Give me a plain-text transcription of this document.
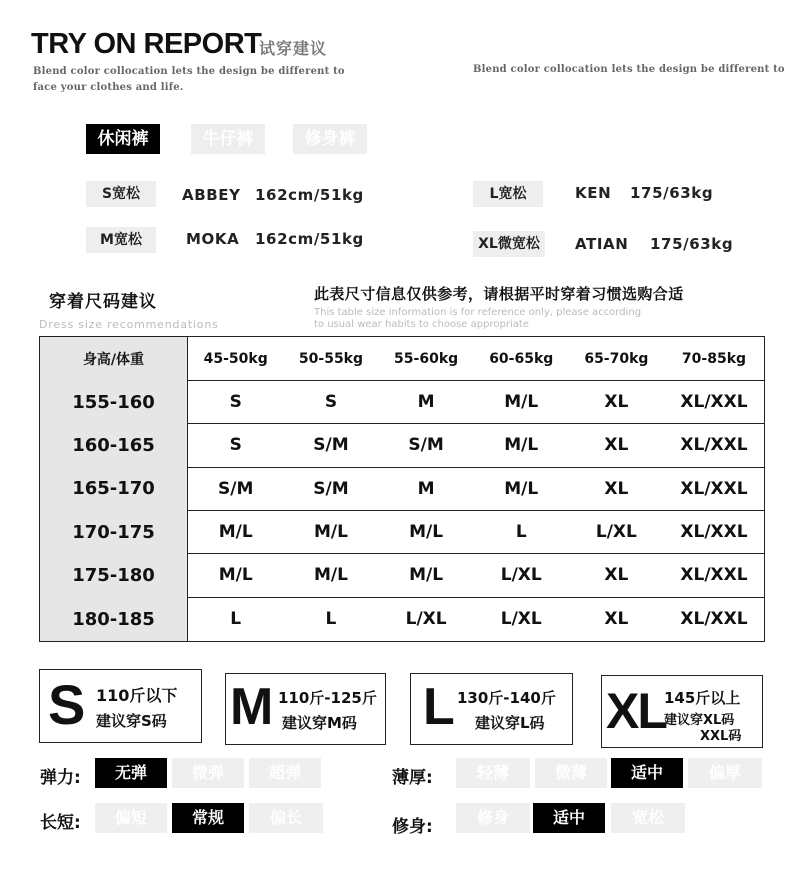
TRY ON REPORT
试穿建议
Blend color collocation lets the design be different to
face your clothes and life.
Blend color collocation lets the design be different to
休闲裤	牛仔裤	修身裤
S宽松	ABBEY 162cm/51kg
M宽松	MOKA 162cm/51kg
L宽松	KEN 175/63kg
XL微宽松	ATIAN 175/63kg
穿着尺码建议
Dress size recommendations
此表尺寸信息仅供参考，请根据平时穿着习惯选购合适
This table size information is for reference only, please according
to usual wear habits to choose appropriate
身高/体重	45-50kg	50-55kg	55-60kg	60-65kg	65-70kg	70-85kg
155-160	S	S	M	M/L	XL	XL/XXL
160-165	S	S/M	S/M	M/L	XL	XL/XXL
165-170	S/M	S/M	M	M/L	XL	XL/XXL
170-175	M/L	M/L	M/L	L	L/XL	XL/XXL
175-180	M/L	M/L	M/L	L/XL	XL	XL/XXL
180-185	L	L	L/XL	L/XL	XL	XL/XXL
S 110斤以下
建议穿S码 M 110斤-125斤
建议穿M码 L 130斤-140斤
建议穿L码 XL
145斤以上
建议穿XL码
XXL码
弹力:	无弹	微弹	超弹	薄厚:	轻薄	微薄	适中	偏厚
长短:	偏短	常规	偏长	修身:	修身	适中	宽松
